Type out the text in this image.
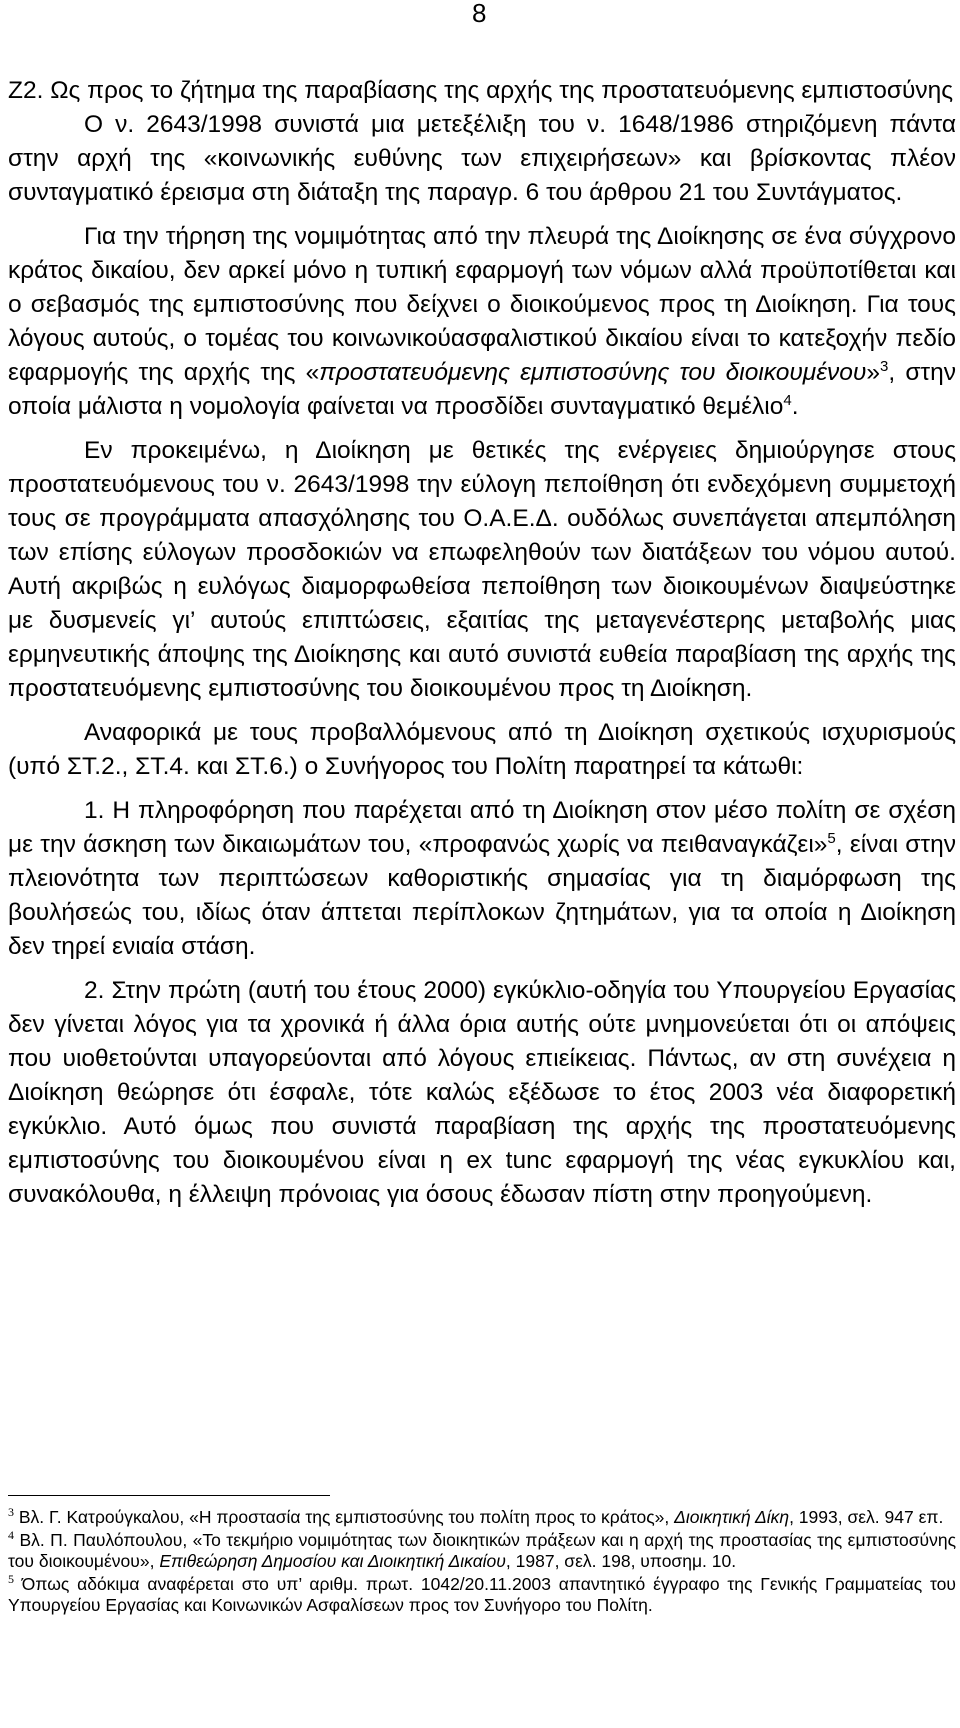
8

Ζ2. Ως προς το ζήτημα της παραβίασης της αρχής της προστατευόμενης εμπιστοσύνης

Ο ν. 2643/1998 συνιστά μια μετεξέλιξη του ν. 1648/1986 στηριζόμενη πάντα στην αρχή της «κοινωνικής ευθύνης των επιχειρήσεων» και βρίσκοντας πλέον συνταγματικό έρεισμα στη διάταξη της παραγρ. 6 του άρθρου 21 του Συντάγματος.

Για την τήρηση της νομιμότητας από την πλευρά της Διοίκησης σε ένα σύγχρονο κράτος δικαίου, δεν αρκεί μόνο η τυπική εφαρμογή των νόμων αλλά προϋποτίθεται και ο σεβασμός της εμπιστοσύνης που δείχνει ο διοικούμενος προς τη Διοίκηση. Για τους λόγους αυτούς, ο τομέας του κοινωνικούασφαλιστικού δικαίου είναι το κατεξοχήν πεδίο εφαρμογής της αρχής της «προστατευόμενης εμπιστοσύνης του διοικουμένου»$^3$, στην οποία μάλιστα η νομολογία φαίνεται να προσδίδει συνταγματικό θεμέλιο$^4$.

Εν προκειμένω, η Διοίκηση με θετικές της ενέργειες δημιούργησε στους προστατευόμενους του ν. 2643/1998 την εύλογη πεποίθηση ότι ενδεχόμενη συμμετοχή τους σε προγράμματα απασχόλησης του Ο.Α.Ε.Δ. ουδόλως συνεπάγεται απεμπόληση των επίσης εύλογων προσδοκιών να επωφεληθούν των διατάξεων του νόμου αυτού. Αυτή ακριβώς η ευλόγως διαμορφωθείσα πεποίθηση των διοικουμένων διαψεύστηκε με δυσμενείς γι’ αυτούς επιπτώσεις, εξαιτίας της μεταγενέστερης μεταβολής μιας ερμηνευτικής άποψης της Διοίκησης και αυτό συνιστά ευθεία παραβίαση της αρχής της προστατευόμενης εμπιστοσύνης του διοικουμένου προς τη Διοίκηση.

Αναφορικά με τους προβαλλόμενους από τη Διοίκηση σχετικούς ισχυρισμούς (υπό ΣΤ.2., ΣΤ.4. και ΣΤ.6.) ο Συνήγορος του Πολίτη παρατηρεί τα κάτωθι:

1. Η πληροφόρηση που παρέχεται από τη Διοίκηση στον μέσο πολίτη σε σχέση με την άσκηση των δικαιωμάτων του, «προφανώς χωρίς να πειθαναγκάζει»$^5$, είναι στην πλειονότητα των περιπτώσεων καθοριστικής σημασίας για τη διαμόρφωση της βουλήσεώς του, ιδίως όταν άπτεται περίπλοκων ζητημάτων, για τα οποία η Διοίκηση δεν τηρεί ενιαία στάση.

2. Στην πρώτη (αυτή του έτους 2000) εγκύκλιο-οδηγία του Υπουργείου Εργασίας δεν γίνεται λόγος για τα χρονικά ή άλλα όρια αυτής ούτε μνημονεύεται ότι οι απόψεις που υιοθετούνται υπαγορεύονται από λόγους επιείκειας. Πάντως, αν στη συνέχεια η Διοίκηση θεώρησε ότι έσφαλε, τότε καλώς εξέδωσε το έτος 2003 νέα διαφορετική εγκύκλιο. Αυτό όμως που συνιστά παραβίαση της αρχής της προστατευόμενης εμπιστοσύνης του διοικουμένου είναι η ex tunc εφαρμογή της νέας εγκυκλίου και, συνακόλουθα, η έλλειψη πρόνοιας για όσους έδωσαν πίστη στην προηγούμενη.

$^3$ Βλ. Γ. Κατρούγκαλου, «Η προστασία της εμπιστοσύνης του πολίτη προς το κράτος», Διοικητική Δίκη, 1993, σελ. 947 επ.

$^4$ Βλ. Π. Παυλόπουλου, «Το τεκμήριο νομιμότητας των διοικητικών πράξεων και η αρχή της προστασίας της εμπιστοσύνης του διοικουμένου», Επιθεώρηση Δημοσίου και Διοικητική Δικαίου, 1987, σελ. 198, υποσημ. 10.

$^5$ Όπως αδόκιμα αναφέρεται στο υπ’ αριθμ. πρωτ. 1042/20.11.2003 απαντητικό έγγραφο της Γενικής Γραμματείας του Υπουργείου Εργασίας και Κοινωνικών Ασφαλίσεων προς τον Συνήγορο του Πολίτη.
